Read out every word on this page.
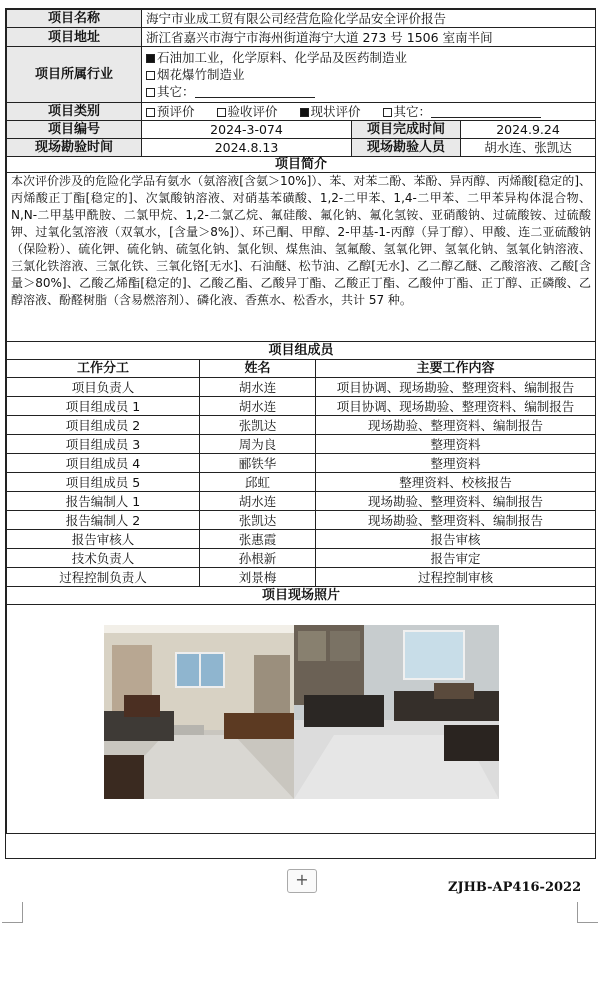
项目名称	海宁市业成工贸有限公司经营危险化学品安全评价报告		
项目地址	浙江省嘉兴市海宁市海州街道海宁大道 273 号 1506 室南半间		
项目所属行业	石油加工业，化学原料、化学品及医药制造业
烟花爆竹制造业
其它：		

项目类别	预评价 验收评价 现状评价 其它：		
项目编号	2024-3-074	项目完成时间	2024.9.24
现场勘验时间	2024.8.13	现场勘验人员	胡水连、张凯达
项目简介			
本次评价涉及的危险化学品有氨水（氨溶液[含氨＞10%]）、苯、对苯二酚、苯酚、异丙醇、丙烯酸[稳定的]、丙烯酸正丁酯[稳定的]、次氯酸钠溶液、对硝基苯磺酸、1,2-二甲苯、1,4-二甲苯、二甲苯异构体混合物、N,N-二甲基甲酰胺、二氯甲烷、1,2-二氯乙烷、氟硅酸、氟化钠、氟化氢铵、亚硝酸钠、过硫酸铵、过硫酸钾、过氧化氢溶液（双氧水，[含量＞8%]）、环己酮、甲醇、2-甲基-1-丙醇（异丁醇）、甲酸、连二亚硫酸钠（保险粉）、硫化钾、硫化钠、硫氢化钠、氯化钡、煤焦油、氢氟酸、氢氧化钾、氢氧化钠、氢氧化钠溶液、三氯化铁溶液、三氯化铁、三氧化铬[无水]、石油醚、松节油、乙醇[无水]、乙二醇乙醚、乙酸溶液、乙酸[含量＞80%]、乙酸乙烯酯[稳定的]、乙酸乙酯、乙酸异丁酯、乙酸正丁酯、乙酸仲丁酯、正丁醇、正磷酸、乙醇溶液、酚醛树脂（含易燃溶剂）、磷化液、香蕉水、松香水，共计 57 种。			
项目组成员		
工作分工	姓名	主要工作内容
项目负责人	胡水连	项目协调、现场勘验、整理资料、编制报告
项目组成员 1	胡水连	项目协调、现场勘验、整理资料、编制报告
项目组成员 2	张凯达	现场勘验、整理资料、编制报告
项目组成员 3	周为良	整理资料
项目组成员 4	郦铁华	整理资料
项目组成员 5	邱虹	整理资料、校核报告
报告编制人 1	胡水连	现场勘验、整理资料、编制报告
报告编制人 2	张凯达	现场勘验、整理资料、编制报告
报告审核人	张惠霞	报告审核
技术负责人	孙根新	报告审定
过程控制负责人	刘景梅	过程控制审核
项目现场照片		

+	ZJHB-AP416-2022
